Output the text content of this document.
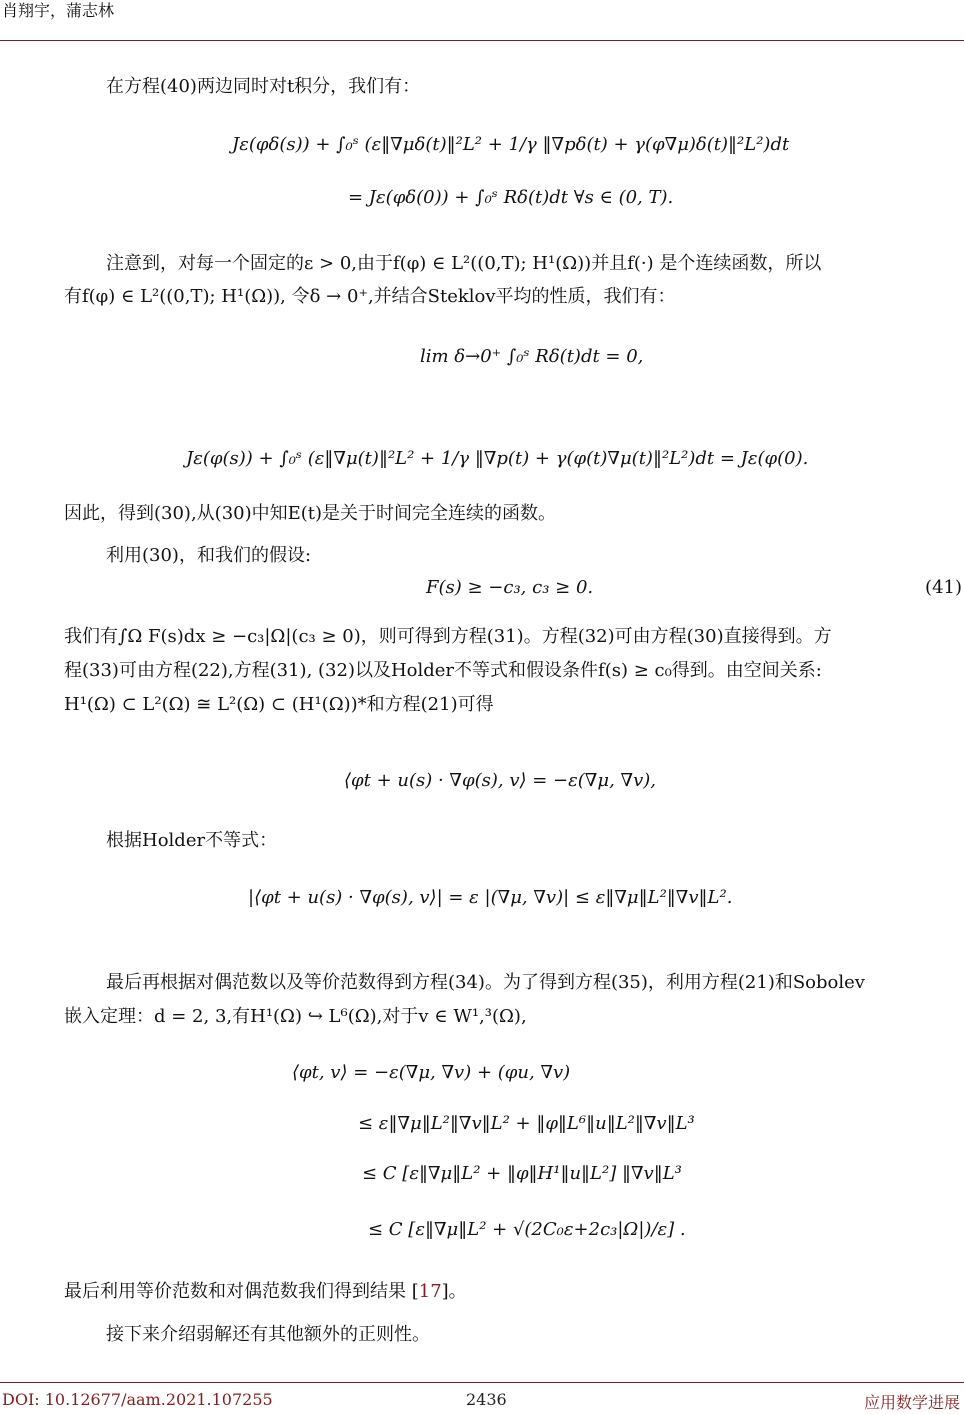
肖翔宇，蒲志林
在方程(40)两边同时对t积分，我们有：
Jε(φδ(s)) + ∫₀ˢ (ε‖∇μδ(t)‖²L² + 1/γ ‖∇pδ(t) + γ(φ∇μ)δ(t)‖²L²)dt
= Jε(φδ(0)) + ∫₀ˢ Rδ(t)dt ∀s ∈ (0, T).
注意到，对每一个固定的ε > 0,由于f(φ) ∈ L²((0,T); H¹(Ω))并且f(·) 是个连续函数，所以
有f(φ) ∈ L²((0,T); H¹(Ω)), 令δ → 0⁺,并结合Steklov平均的性质，我们有：
lim δ→0⁺ ∫₀ˢ Rδ(t)dt = 0,
Jε(φ(s)) + ∫₀ˢ (ε‖∇μ(t)‖²L² + 1/γ ‖∇p(t) + γ(φ(t)∇μ(t)‖²L²)dt = Jε(φ(0).
因此，得到(30),从(30)中知E(t)是关于时间完全连续的函数。
利用(30)，和我们的假设:
F(s) ≥ −c₃, c₃ ≥ 0.	(41)
我们有∫Ω F(s)dx ≥ −c₃|Ω|(c₃ ≥ 0)，则可得到方程(31)。方程(32)可由方程(30)直接得到。方
程(33)可由方程(22),方程(31), (32)以及Holder不等式和假设条件f(s) ≥ c₀得到。由空间关系:
H¹(Ω) ⊂ L²(Ω) ≅ L²(Ω) ⊂ (H¹(Ω))*和方程(21)可得
⟨φt + u(s) · ∇φ(s), v⟩ = −ε(∇μ, ∇v),
根据Holder不等式：
|⟨φt + u(s) · ∇φ(s), v⟩| = ε |(∇μ, ∇v)| ≤ ε‖∇μ‖L²‖∇v‖L².
最后再根据对偶范数以及等价范数得到方程(34)。为了得到方程(35)，利用方程(21)和Sobolev
嵌入定理：d = 2, 3,有H¹(Ω) ↪ L⁶(Ω),对于v ∈ W¹,³(Ω),
⟨φt, v⟩ = −ε(∇μ, ∇v) + (φu, ∇v)
≤ ε‖∇μ‖L²‖∇v‖L² + ‖φ‖L⁶‖u‖L²‖∇v‖L³
≤ C [ε‖∇μ‖L² + ‖φ‖H¹‖u‖L²] ‖∇v‖L³
≤ C [ε‖∇μ‖L² + √(2C₀ε+2c₃|Ω|)/ε] .
最后利用等价范数和对偶范数我们得到结果 [17]。
接下来介绍弱解还有其他额外的正则性。
DOI: 10.12677/aam.2021.107255	2436	应用数学进展
